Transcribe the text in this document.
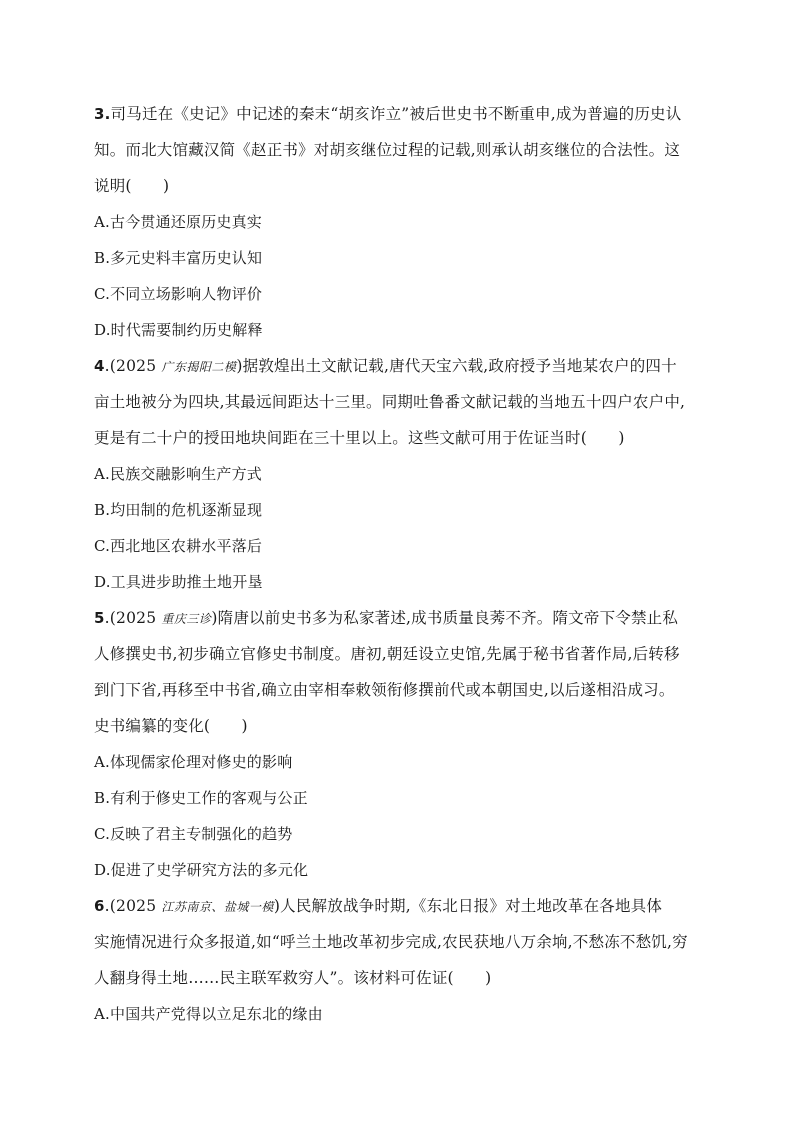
3.司马迁在《史记》中记述的秦末“胡亥诈立”被后世史书不断重申,成为普遍的历史认
知。而北大馆藏汉简《赵正书》对胡亥继位过程的记载,则承认胡亥继位的合法性。这
说明(　　)
A.古今贯通还原历史真实
B.多元史料丰富历史认知
C.不同立场影响人物评价
D.时代需要制约历史解释
4.(2025 广东揭阳二模)据敦煌出土文献记载,唐代天宝六载,政府授予当地某农户的四十
亩土地被分为四块,其最远间距达十三里。同期吐鲁番文献记载的当地五十四户农户中,
更是有二十户的授田地块间距在三十里以上。这些文献可用于佐证当时(　　)
A.民族交融影响生产方式
B.均田制的危机逐渐显现
C.西北地区农耕水平落后
D.工具进步助推土地开垦
5.(2025 重庆三诊)隋唐以前史书多为私家著述,成书质量良莠不齐。隋文帝下令禁止私
人修撰史书,初步确立官修史书制度。唐初,朝廷设立史馆,先属于秘书省著作局,后转移
到门下省,再移至中书省,确立由宰相奉敕领衔修撰前代或本朝国史,以后遂相沿成习。
史书编纂的变化(　　)
A.体现儒家伦理对修史的影响
B.有利于修史工作的客观与公正
C.反映了君主专制强化的趋势
D.促进了史学研究方法的多元化
6.(2025 江苏南京、盐城一模)人民解放战争时期,《东北日报》对土地改革在各地具体
实施情况进行众多报道,如“呼兰土地改革初步完成,农民获地八万余垧,不愁冻不愁饥,穷
人翻身得土地……民主联军救穷人”。该材料可佐证(　　)
A.中国共产党得以立足东北的缘由
